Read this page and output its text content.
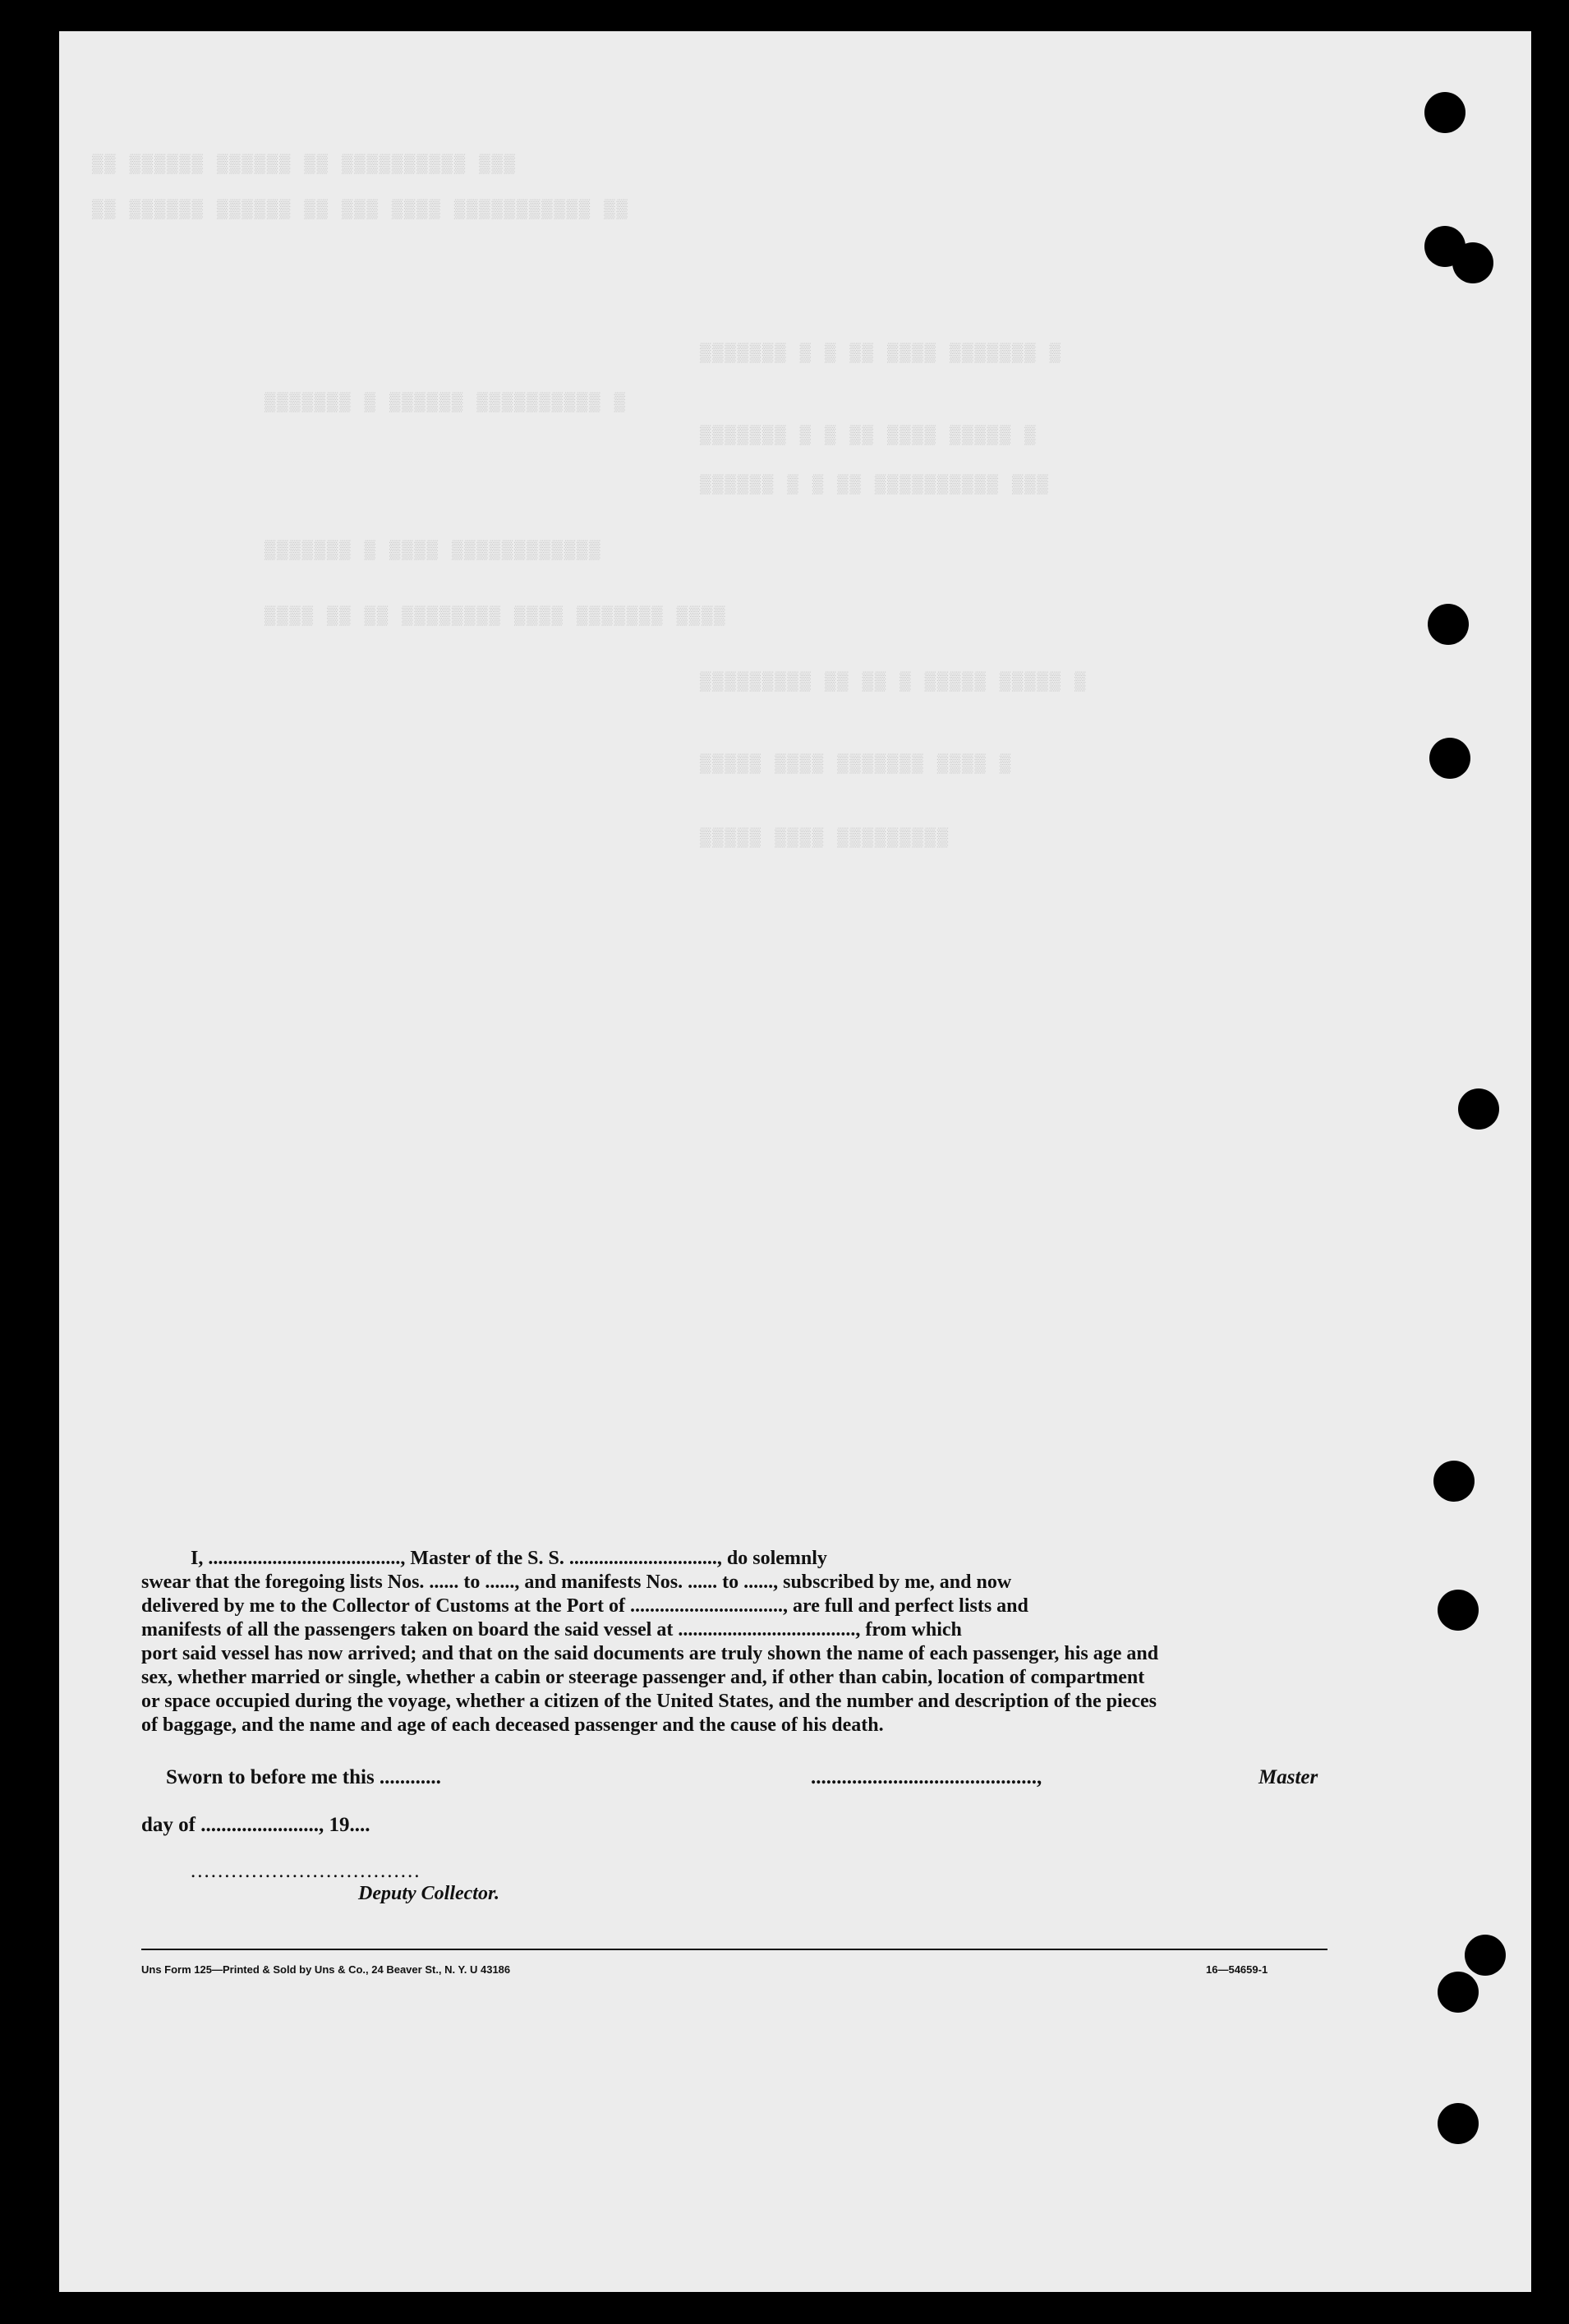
▒▒ ▒▒▒▒▒▒ ▒▒▒▒▒▒ ▒▒ ▒▒▒▒▒▒▒▒▒▒ ▒▒▒
▒▒ ▒▒▒▒▒▒ ▒▒▒▒▒▒ ▒▒ ▒▒▒ ▒▒▒▒ ▒▒▒▒▒▒▒▒▒▒▒ ▒▒
▒▒▒▒▒▒▒ ▒ ▒ ▒▒ ▒▒▒▒ ▒▒▒▒▒▒▒ ▒
▒▒▒▒▒▒▒ ▒ ▒▒▒▒▒▒ ▒▒▒▒▒▒▒▒▒▒ ▒
▒▒▒▒▒▒▒ ▒ ▒ ▒▒ ▒▒▒▒ ▒▒▒▒▒ ▒
▒▒▒▒▒▒ ▒ ▒ ▒▒ ▒▒▒▒▒▒▒▒▒▒ ▒▒▒
▒▒▒▒▒▒▒ ▒ ▒▒▒▒ ▒▒▒▒▒▒▒▒▒▒▒▒
▒▒▒▒ ▒▒ ▒▒ ▒▒▒▒▒▒▒▒ ▒▒▒▒ ▒▒▒▒▒▒▒ ▒▒▒▒
▒▒▒▒▒▒▒▒▒ ▒▒ ▒▒ ▒ ▒▒▒▒▒ ▒▒▒▒▒ ▒
▒▒▒▒▒ ▒▒▒▒ ▒▒▒▒▒▒▒ ▒▒▒▒ ▒
▒▒▒▒▒ ▒▒▒▒ ▒▒▒▒▒▒▒▒▒

I, ......................................., Master of the S. S. .............................., do solemnly

swear that the foregoing lists Nos. ...... to ......, and manifests Nos. ...... to ......, subscribed by me, and now

delivered by me to the Collector of Customs at the Port of ..............................., are full and perfect lists and

manifests of all the passengers taken on board the said vessel at ...................................., from which

port said vessel has now arrived; and that on the said documents are truly shown the name of each passenger, his age and

sex, whether married or single, whether a cabin or steerage passenger and, if other than cabin, location of compartment

or space occupied during the voyage, whether a citizen of the United States, and the number and description of the pieces

of baggage, and the name and age of each deceased passenger and the cause of his death.

Sworn to before me this ............	............................................,	Master
day of ......................., 19....
..................................
Deputy Collector.
Uns Form 125—Printed & Sold by Uns & Co., 24 Beaver St., N. Y. U 43186	16—54659-1
